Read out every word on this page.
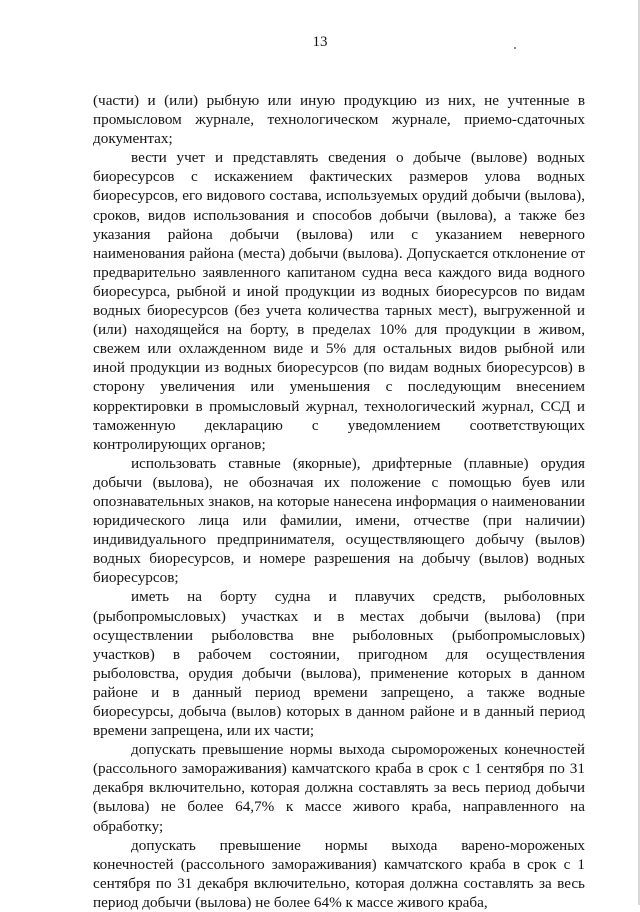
13

(части) и (или) рыбную или иную продукцию из них, не учтенные в промысловом журнале, технологическом журнале, приемо-сдаточных документах;

вести учет и представлять сведения о добыче (вылове) водных биоресурсов с искажением фактических размеров улова водных биоресурсов, его видового состава, используемых орудий добычи (вылова), сроков, видов использования и способов добычи (вылова), а также без указания района добычи (вылова) или с указанием неверного наименования района (места) добычи (вылова). Допускается отклонение от предварительно заявленного капитаном судна веса каждого вида водного биоресурса, рыбной и иной продукции из водных биоресурсов по видам водных биоресурсов (без учета количества тарных мест), выгруженной и (или) находящейся на борту, в пределах 10% для продукции в живом, свежем или охлажденном виде и 5% для остальных видов рыбной или иной продукции из водных биоресурсов (по видам водных биоресурсов) в сторону увеличения или уменьшения с последующим внесением корректировки в промысловый журнал, технологический журнал, ССД и таможенную декларацию с уведомлением соответствующих контролирующих органов;

использовать ставные (якорные), дрифтерные (плавные) орудия добычи (вылова), не обозначая их положение с помощью буев или опознавательных знаков, на которые нанесена информация о наименовании юридического лица или фамилии, имени, отчестве (при наличии) индивидуального предпринимателя, осуществляющего добычу (вылов) водных биоресурсов, и номере разрешения на добычу (вылов) водных биоресурсов;

иметь на борту судна и плавучих средств, рыболовных (рыбопромысловых) участках и в местах добычи (вылова) (при осуществлении рыболовства вне рыболовных (рыбопромысловых) участков) в рабочем состоянии, пригодном для осуществления рыболовства, орудия добычи (вылова), применение которых в данном районе и в данный период времени запрещено, а также водные биоресурсы, добыча (вылов) которых в данном районе и в данный период времени запрещена, или их части;

допускать превышение нормы выхода сыромороженых конечностей (рассольного замораживания) камчатского краба в срок с 1 сентября по 31 декабря включительно, которая должна составлять за весь период добычи (вылова) не более 64,7% к массе живого краба, направленного на обработку;

допускать превышение нормы выхода варено-мороженых конечностей (рассольного замораживания) камчатского краба в срок с 1 сентября по 31 декабря включительно, которая должна составлять за весь период добычи (вылова) не более 64% к массе живого краба,
